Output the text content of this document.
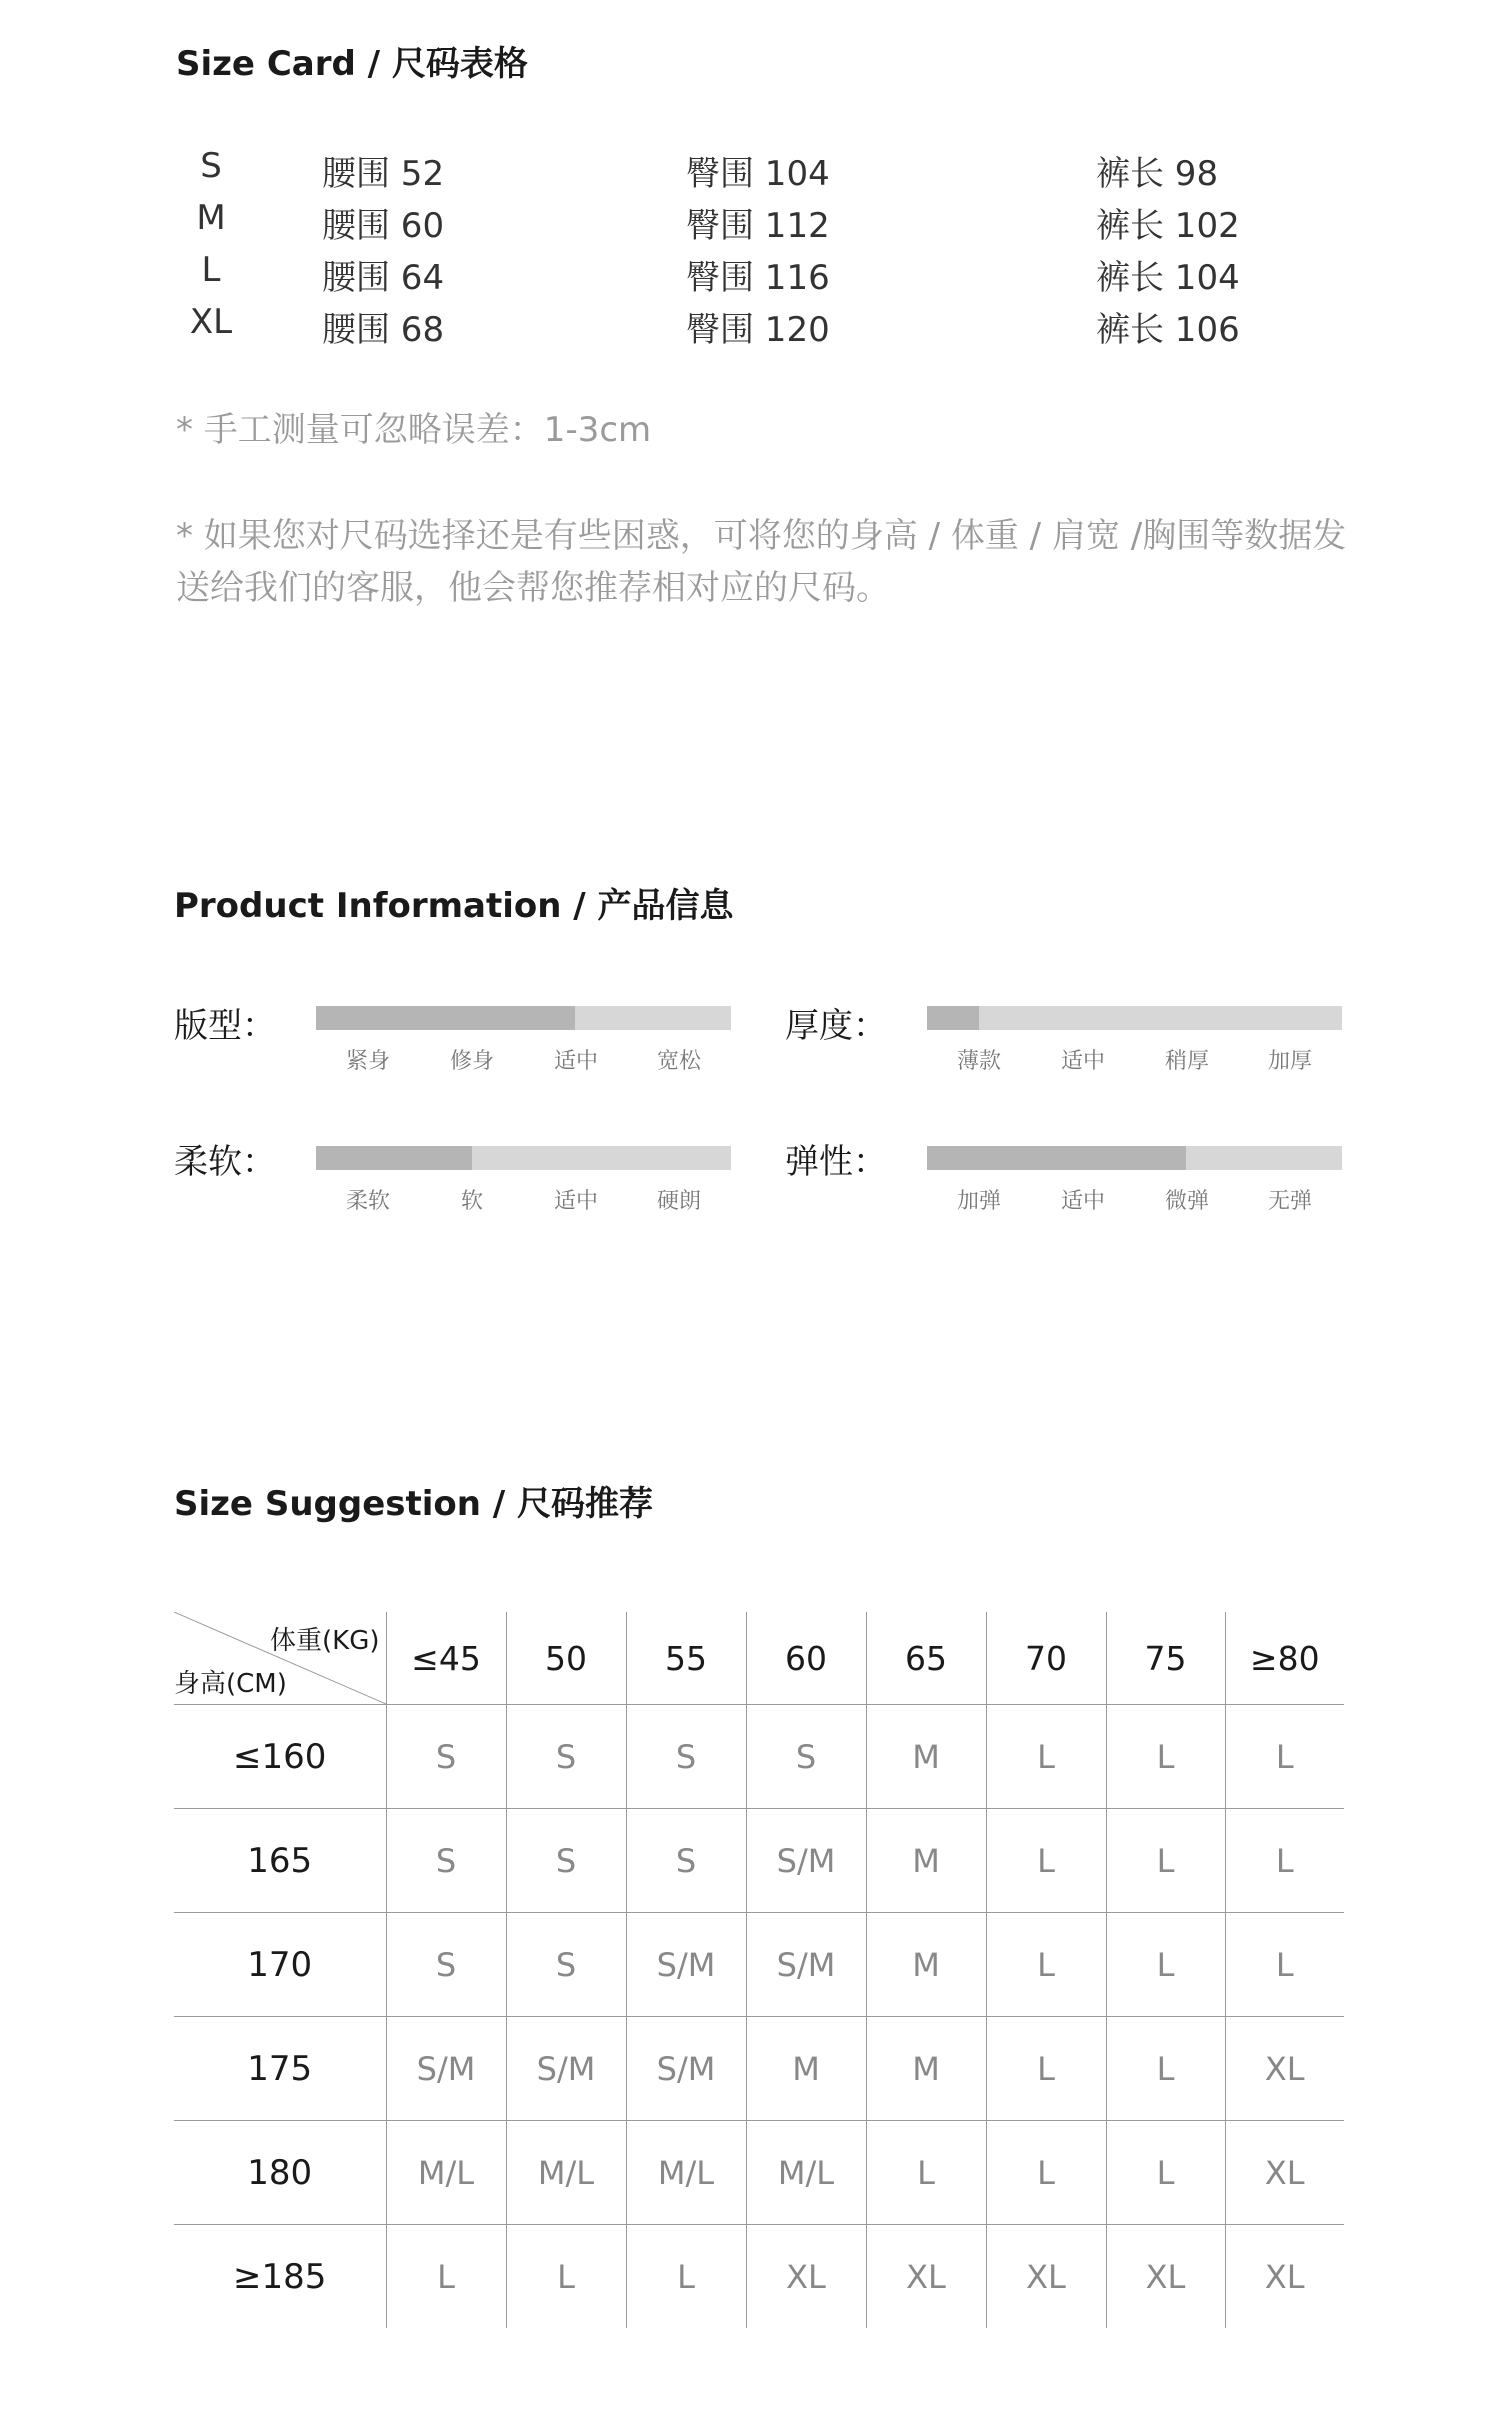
Size Card / 尺码表格
S	腰围 52	臀围 104	裤长 98
M	腰围 60	臀围 112	裤长 102
L	腰围 64	臀围 116	裤长 104
XL	腰围 68	臀围 120	裤长 106
* 手工测量可忽略误差：1-3cm
* 如果您对尺码选择还是有些困惑，可将您的身高 / 体重 / 肩宽 /胸围等数据发送给我们的客服，他会帮您推荐相对应的尺码。
Product Information / 产品信息
版型：
紧身	修身	适中	宽松
厚度：
薄款	适中	稍厚	加厚
柔软：
柔软	软	适中	硬朗
弹性：
加弹	适中	微弹	无弹
Size Suggestion / 尺码推荐
体重(KG)
身高(CM)	≤45	50	55	60	65	70	75	≥80
≤160	S	S	S	S	M	L	L	L
165	S	S	S	S/M	M	L	L	L
170	S	S	S/M	S/M	M	L	L	L
175	S/M	S/M	S/M	M	M	L	L	XL
180	M/L	M/L	M/L	M/L	L	L	L	XL
≥185	L	L	L	XL	XL	XL	XL	XL
